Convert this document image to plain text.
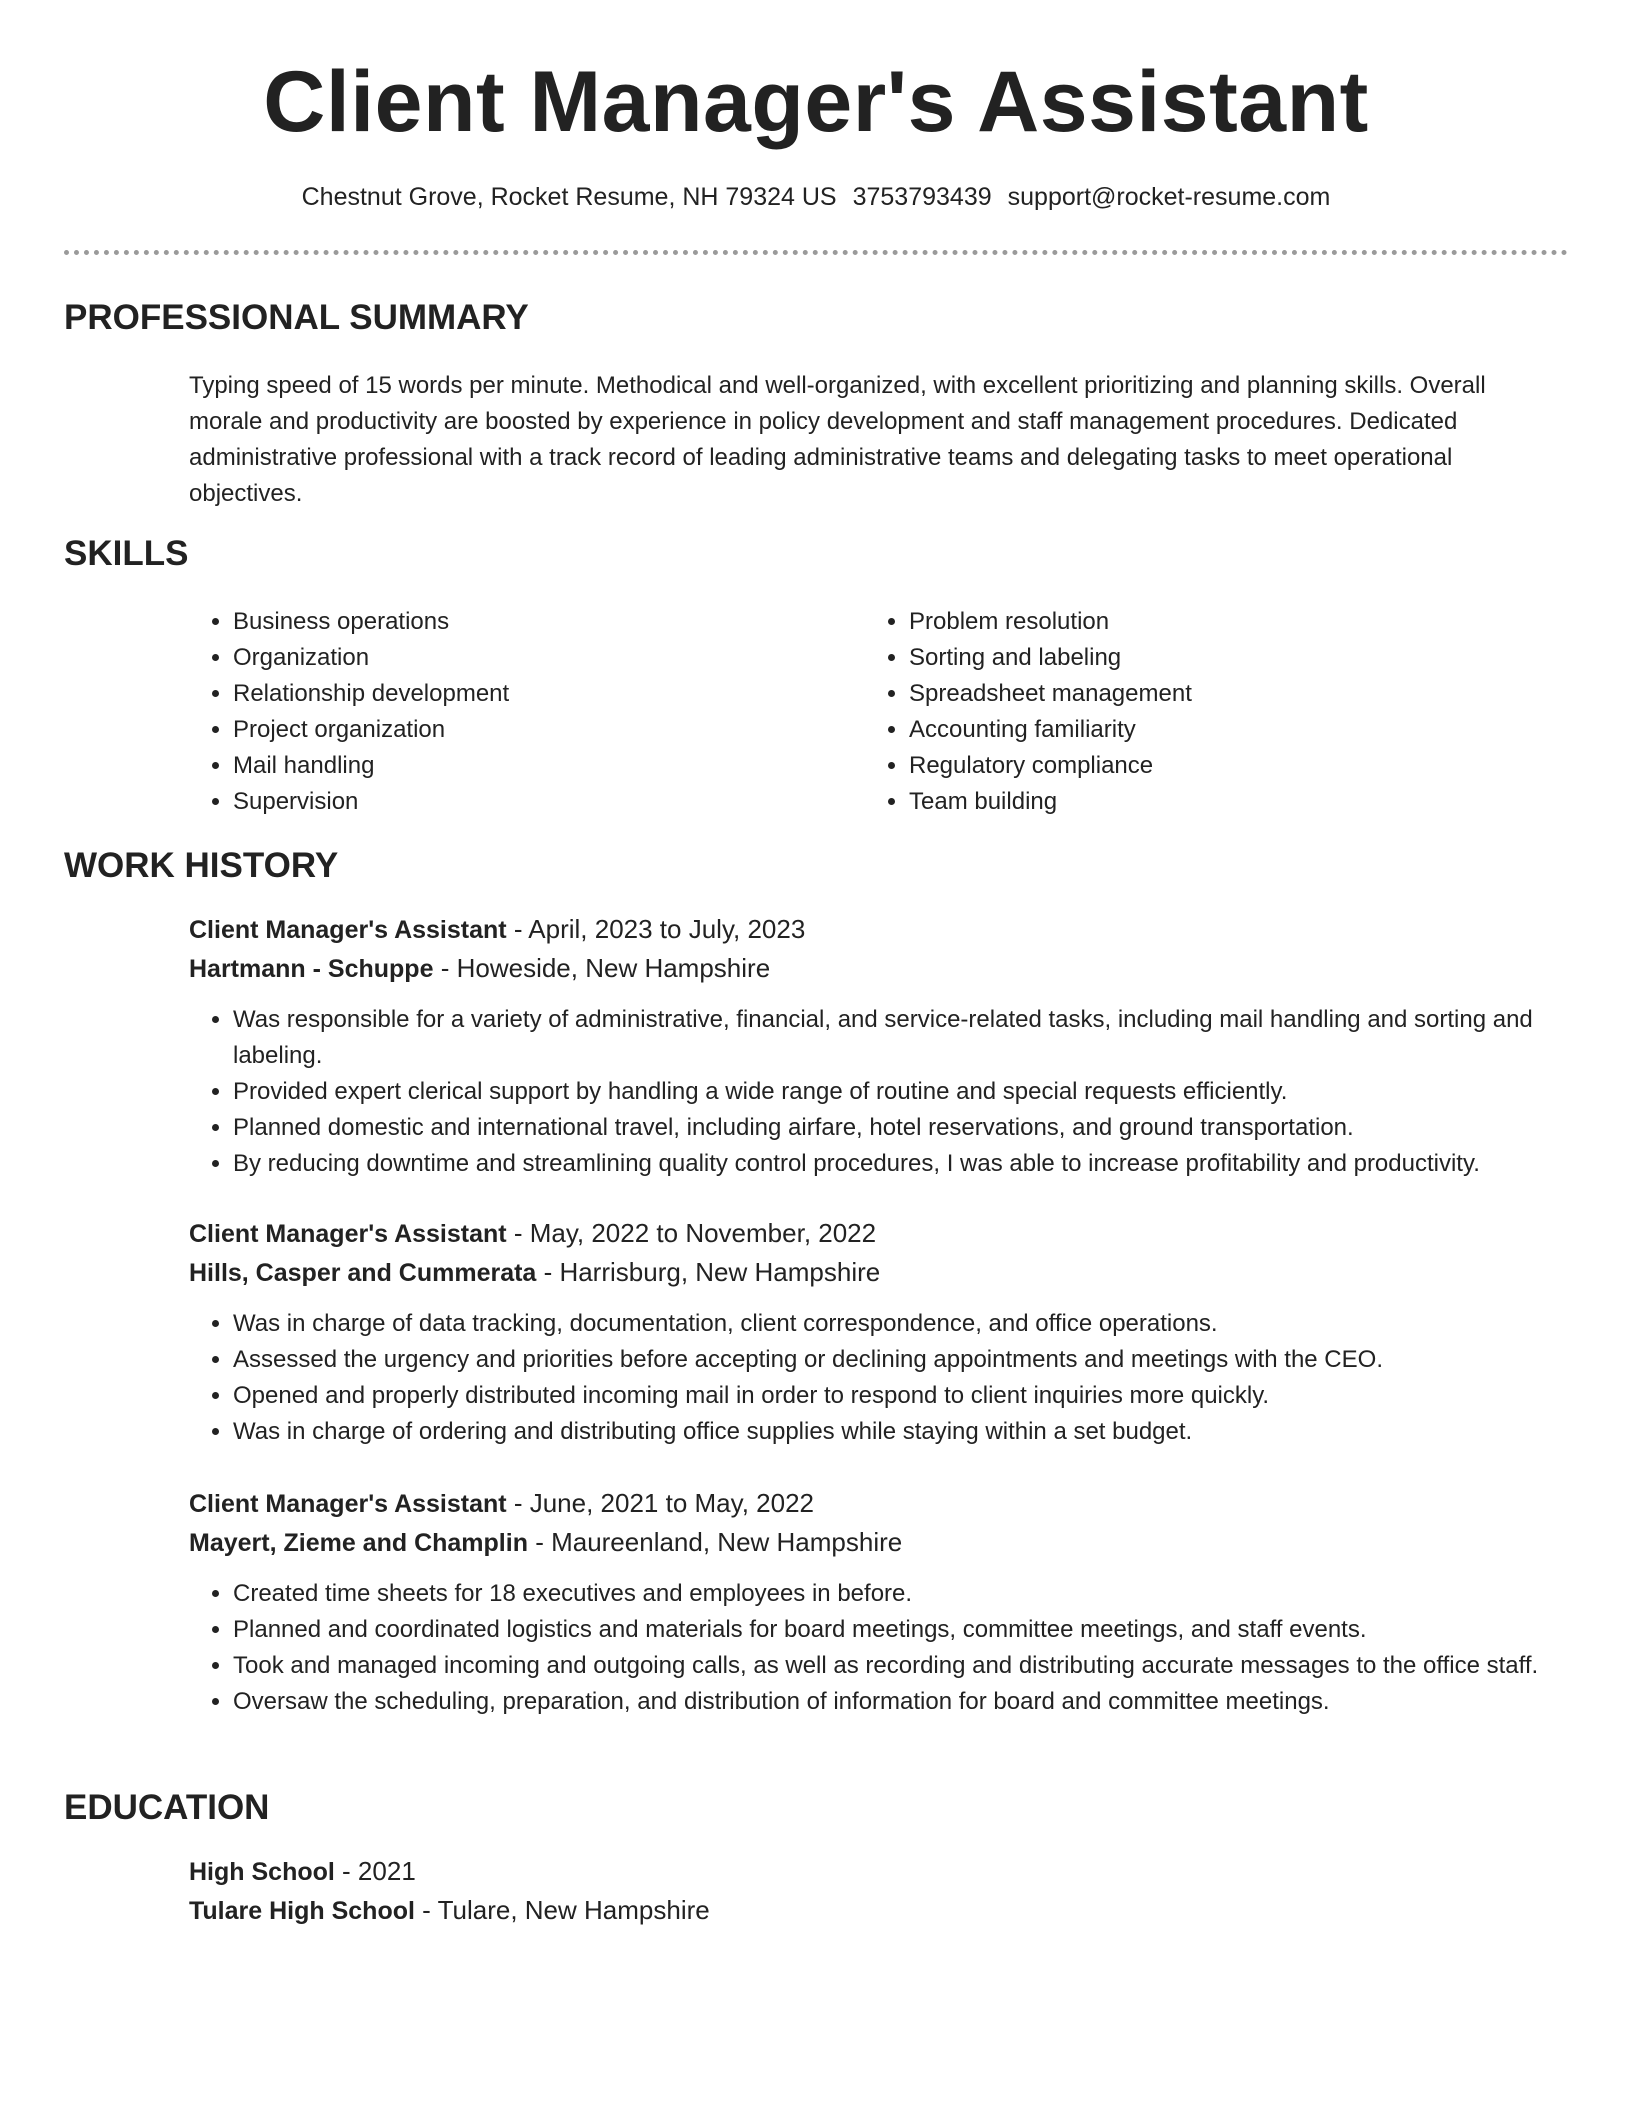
Client Manager's Assistant
Chestnut Grove, Rocket Resume, NH 79324 US 3753793439 support@rocket-resume.com
PROFESSIONAL SUMMARY

Typing speed of 15 words per minute. Methodical and well-organized, with excellent prioritizing and planning skills. Overall morale and productivity are boosted by experience in policy development and staff management procedures. Dedicated administrative professional with a track record of leading administrative teams and delegating tasks to meet operational objectives.

SKILLS
• Business operations
• Organization
• Relationship development
• Project organization
• Mail handling
• Supervision
• Problem resolution
• Sorting and labeling
• Spreadsheet management
• Accounting familiarity
• Regulatory compliance
• Team building
WORK HISTORY
Client Manager's Assistant - April, 2023 to July, 2023
Hartmann - Schuppe - Howeside, New Hampshire
• Was responsible for a variety of administrative, financial, and service-related tasks, including mail handling and sorting and labeling.
• Provided expert clerical support by handling a wide range of routine and special requests efficiently.
• Planned domestic and international travel, including airfare, hotel reservations, and ground transportation.
• By reducing downtime and streamlining quality control procedures, I was able to increase profitability and productivity.
Client Manager's Assistant - May, 2022 to November, 2022
Hills, Casper and Cummerata - Harrisburg, New Hampshire
• Was in charge of data tracking, documentation, client correspondence, and office operations.
• Assessed the urgency and priorities before accepting or declining appointments and meetings with the CEO.
• Opened and properly distributed incoming mail in order to respond to client inquiries more quickly.
• Was in charge of ordering and distributing office supplies while staying within a set budget.
Client Manager's Assistant - June, 2021 to May, 2022
Mayert, Zieme and Champlin - Maureenland, New Hampshire
• Created time sheets for 18 executives and employees in before.
• Planned and coordinated logistics and materials for board meetings, committee meetings, and staff events.
• Took and managed incoming and outgoing calls, as well as recording and distributing accurate messages to the office staff.
• Oversaw the scheduling, preparation, and distribution of information for board and committee meetings.
EDUCATION
High School - 2021
Tulare High School - Tulare, New Hampshire
